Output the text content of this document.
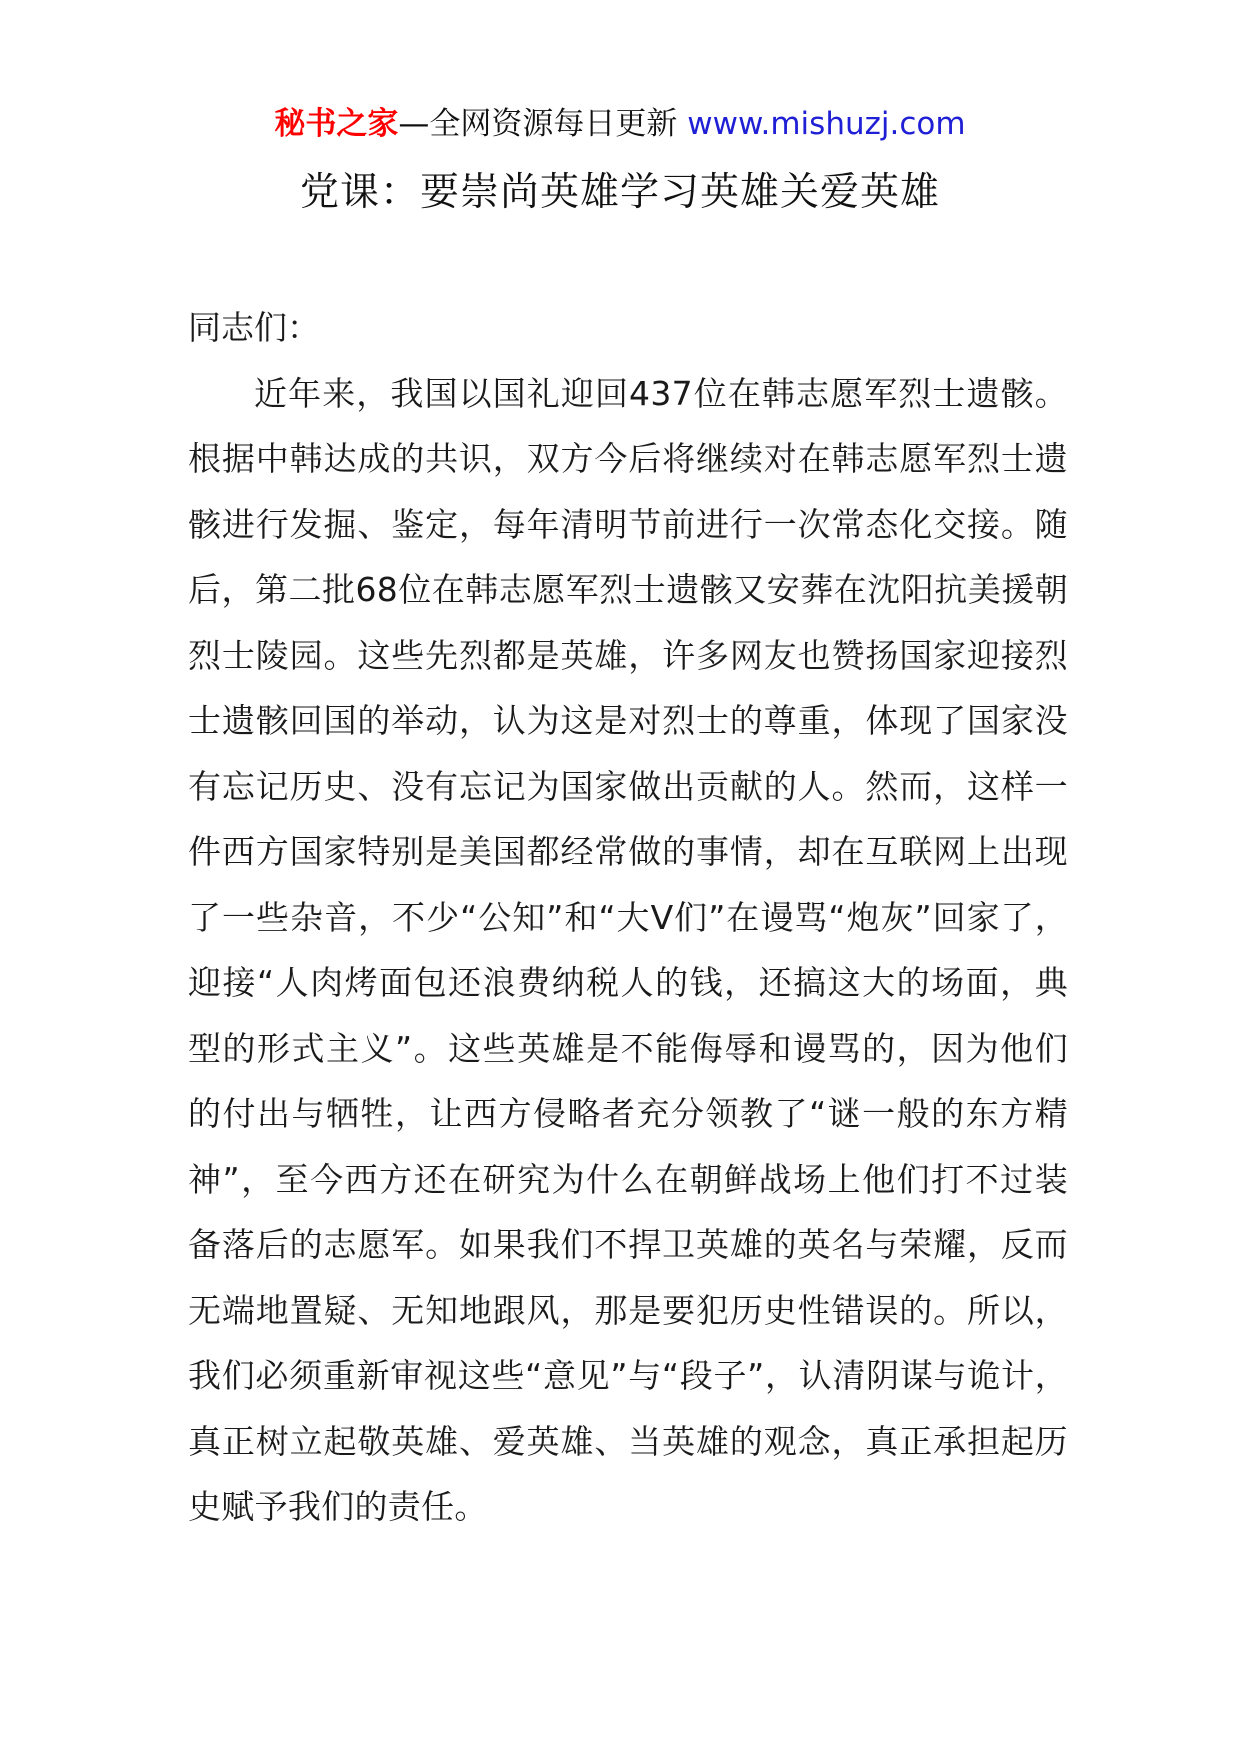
秘书之家—全网资源每日更新 www.mishuzj.com
党课：要崇尚英雄学习英雄关爱英雄

同志们：

近年来，我国以国礼迎回437位在韩志愿军烈士遗骸。根据中韩达成的共识，双方今后将继续对在韩志愿军烈士遗骸进行发掘、鉴定，每年清明节前进行一次常态化交接。随后，第二批68位在韩志愿军烈士遗骸又安葬在沈阳抗美援朝烈士陵园。这些先烈都是英雄，许多网友也赞扬国家迎接烈士遗骸回国的举动，认为这是对烈士的尊重，体现了国家没有忘记历史、没有忘记为国家做出贡献的人。然而，这样一件西方国家特别是美国都经常做的事情，却在互联网上出现了一些杂音，不少“公知”和“大V们”在谩骂“炮灰”回家了，迎接“人肉烤面包还浪费纳税人的钱，还搞这大的场面，典型的形式主义”。这些英雄是不能侮辱和谩骂的，因为他们的付出与牺牲，让西方侵略者充分领教了“谜一般的东方精神”，至今西方还在研究为什么在朝鲜战场上他们打不过装备落后的志愿军。如果我们不捍卫英雄的英名与荣耀，反而无端地置疑、无知地跟风，那是要犯历史性错误的。所以，我们必须重新审视这些“意见”与“段子”，认清阴谋与诡计，真正树立起敬英雄、爱英雄、当英雄的观念，真正承担起历史赋予我们的责任。
